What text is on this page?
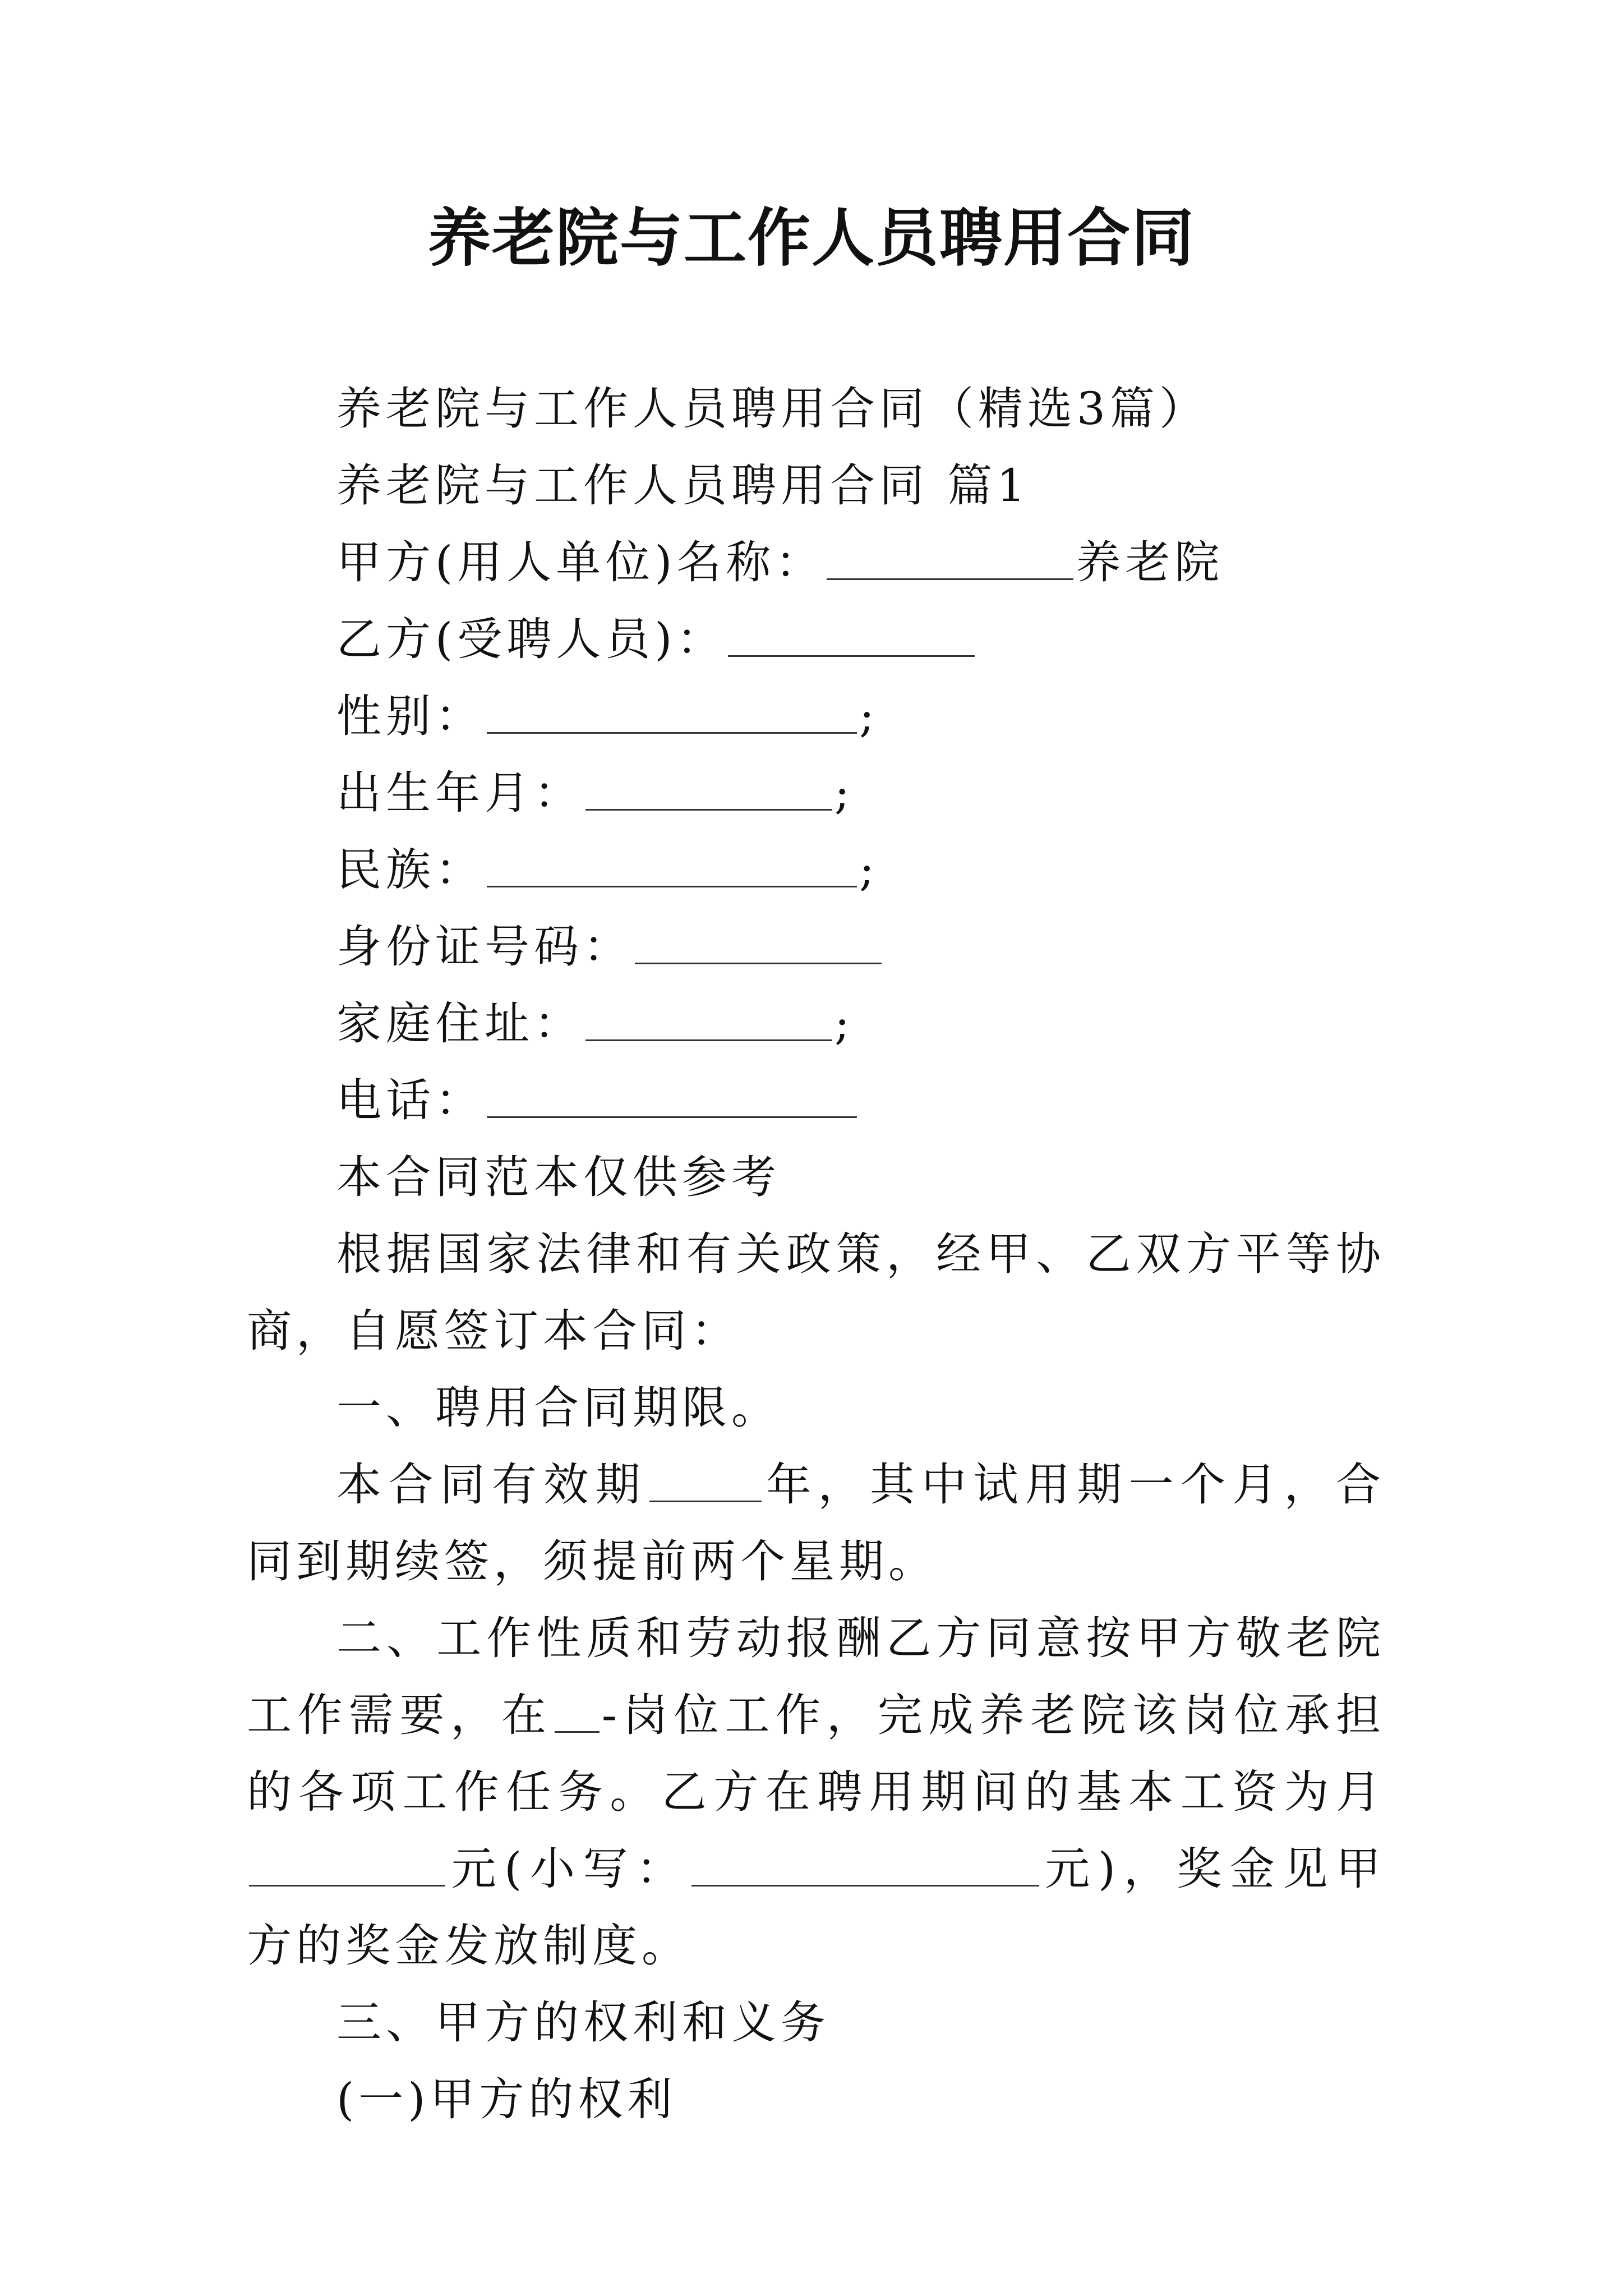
养老院与工作人员聘用合同

养老院与工作人员聘用合同（精选3篇）

养老院与工作人员聘用合同 篇1

甲方(用人单位)名称：	养老院

乙方(受聘人员)：

性别：	;

出生年月：	;

民族：	;

身份证号码：

家庭住址：	;

电话：

本合同范本仅供参考

根据国家法律和有关政策，经甲、乙双方平等协商，自愿签订本合同：

一、聘用合同期限。

本合同有效期	年，其中试用期一个月，合同到期续签，须提前两个星期。

二、工作性质和劳动报酬乙方同意按甲方敬老院工作需要，在 -岗位工作，完成养老院该岗位承担的各项工作任务。乙方在聘用期间的基本工资为月元(小写：	元)，奖金见甲方的奖金发放制度。

三、甲方的权利和义务

(一)甲方的权利
